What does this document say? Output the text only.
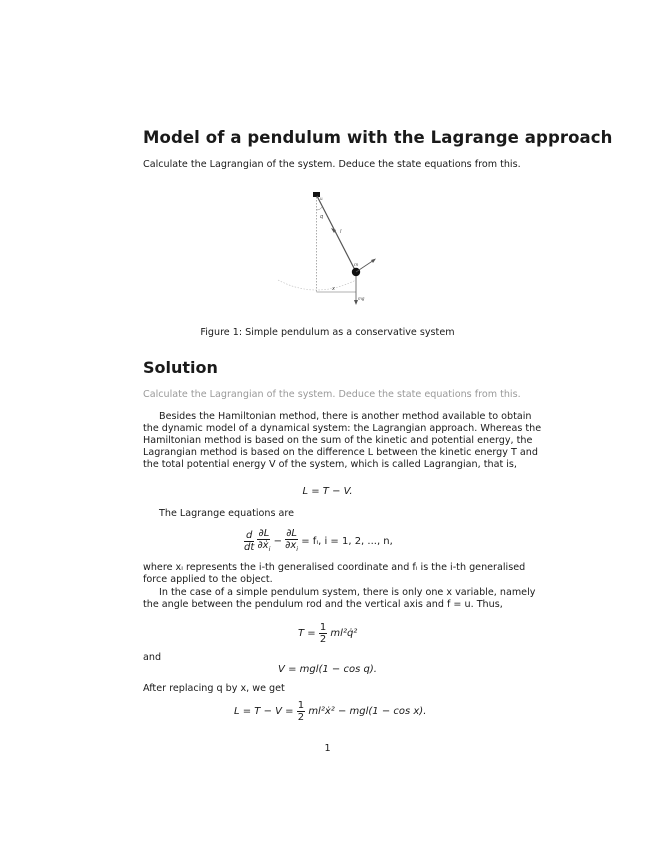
Model of a pendulum with the Lagrange approach
Calculate the Lagrangian of the system. Deduce the state equations from this.
u
q
l
m
x
mg
Figure 1: Simple pendulum as a conservative system
Solution
Calculate the Lagrangian of the system. Deduce the state equations from this.
Besides the Hamiltonian method, there is another method available to obtain
the dynamic model of a dynamical system: the Lagrangian approach. Whereas the
Hamiltonian method is based on the sum of the kinetic and potential energy, the
Lagrangian method is based on the difference L between the kinetic energy T and
the total potential energy V of the system, which is called Lagrangian, that is,
L = T − V.
The Lagrange equations are
$\frac{d}{dt}$
$\frac{\partial L}{\partial ẋ_i} - \frac{\partial L}{\partial x_i}$ = fᵢ, i = 1, 2, ..., n,
where xᵢ represents the i-th generalised coordinate and fᵢ is the i-th generalised
force applied to the object.
In the case of a simple pendulum system, there is only one x variable, namely
the angle between the pendulum rod and the vertical axis and f = u. Thus,
$T = \frac{1}{2}$ ml²q̇²
and
V = mgl(1 − cos q).
After replacing q by x, we get
$L = T - V = \frac{1}{2}$ ml²ẋ² − mgl(1 − cos x).
1
